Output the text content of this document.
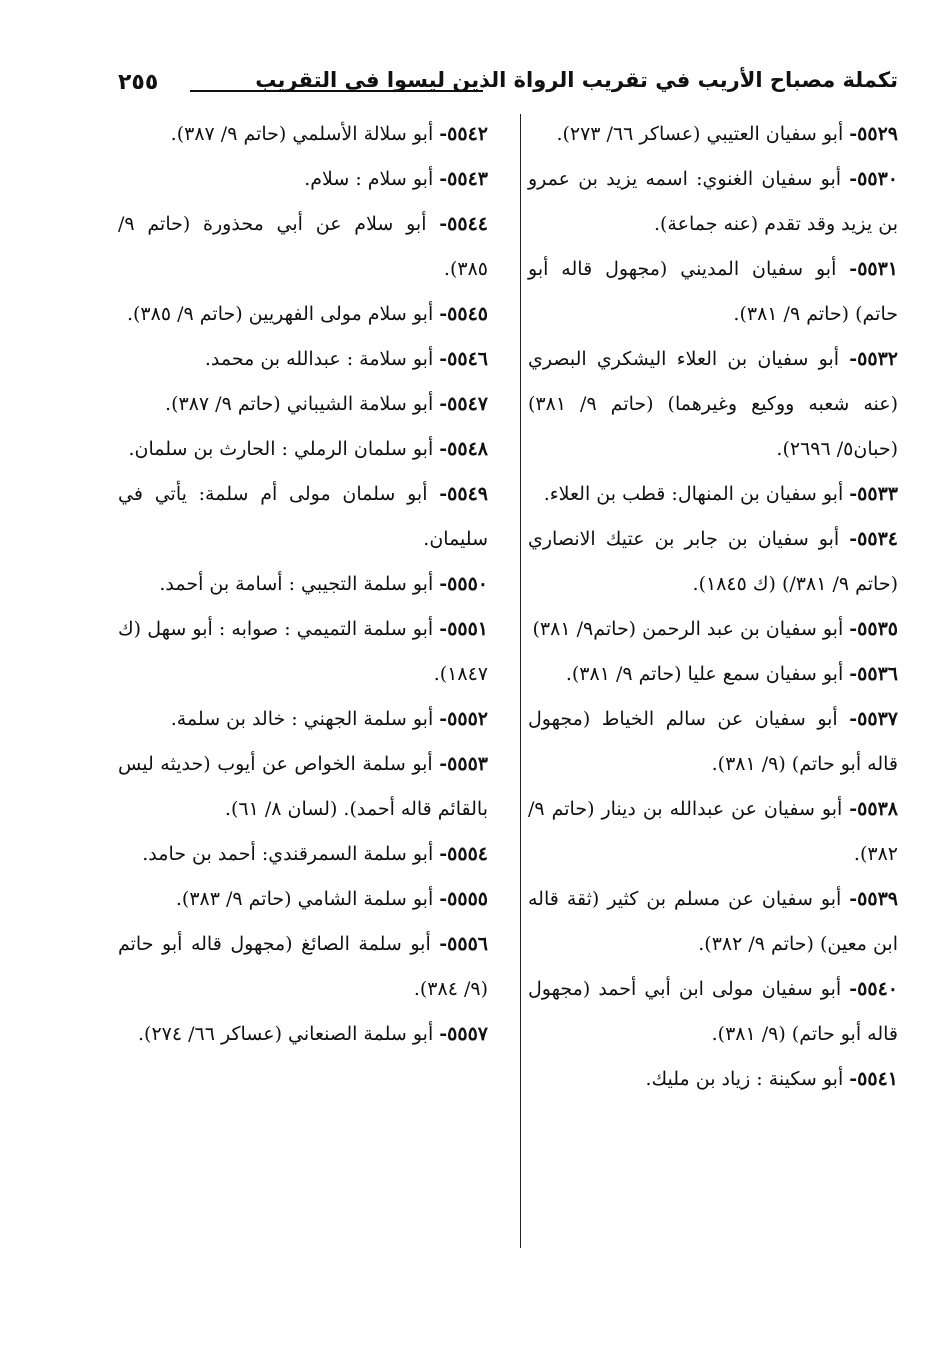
تكملة مصباح الأريب في تقريب الرواة الذين ليسوا في التقريب
٢٥٥
٥٥٢٩- أبو سفيان العتيبي (عساكر ٦٦/ ٢٧٣).
٥٥٣٠- أبو سفيان الغنوي: اسمه يزيد بن عمرو بن يزيد وقد تقدم (عنه جماعة).
٥٥٣١- أبو سفيان المديني (مجهول قاله أبو حاتم) (حاتم ٩/ ٣٨١).
٥٥٣٢- أبو سفيان بن العلاء اليشكري البصري (عنه شعبه ووكيع وغيرهما) (حاتم ٩/ ٣٨١) (حبان٥/ ٢٦٩٦).
٥٥٣٣- أبو سفيان بن المنهال: قطب بن العلاء.
٥٥٣٤- أبو سفيان بن جابر بن عتيك الانصاري (حاتم ٩/ ٣٨١/) (ك ١٨٤٥).
٥٥٣٥- أبو سفيان بن عبد الرحمن (حاتم٩/ ٣٨١)
٥٥٣٦- أبو سفيان سمع عليا (حاتم ٩/ ٣٨١).
٥٥٣٧- أبو سفيان عن سالم الخياط (مجهول قاله أبو حاتم) (٩/ ٣٨١).
٥٥٣٨- أبو سفيان عن عبدالله بن دينار (حاتم ٩/ ٣٨٢).
٥٥٣٩- أبو سفيان عن مسلم بن كثير (ثقة قاله ابن معين) (حاتم ٩/ ٣٨٢).
٥٥٤٠- أبو سفيان مولى ابن أبي أحمد (مجهول قاله أبو حاتم) (٩/ ٣٨١).
٥٥٤١- أبو سكينة : زياد بن مليك.
٥٥٤٢- أبو سلالة الأسلمي (حاتم ٩/ ٣٨٧).
٥٥٤٣- أبو سلام : سلام.
٥٥٤٤- أبو سلام عن أبي محذورة (حاتم ٩/ ٣٨٥).
٥٥٤٥- أبو سلام مولى الفهريين (حاتم ٩/ ٣٨٥).
٥٥٤٦- أبو سلامة : عبدالله بن محمد.
٥٥٤٧- أبو سلامة الشيباني (حاتم ٩/ ٣٨٧).
٥٥٤٨- أبو سلمان الرملي : الحارث بن سلمان.
٥٥٤٩- أبو سلمان مولى أم سلمة: يأتي في سليمان.
٥٥٥٠- أبو سلمة التجيبي : أسامة بن أحمد.
٥٥٥١- أبو سلمة التميمي : صوابه : أبو سهل (ك ١٨٤٧).
٥٥٥٢- أبو سلمة الجهني : خالد بن سلمة.
٥٥٥٣- أبو سلمة الخواص عن أيوب (حديثه ليس بالقائم قاله أحمد). (لسان ٨/ ٦١).
٥٥٥٤- أبو سلمة السمرقندي: أحمد بن حامد.
٥٥٥٥- أبو سلمة الشامي (حاتم ٩/ ٣٨٣).
٥٥٥٦- أبو سلمة الصائغ (مجهول قاله أبو حاتم (٩/ ٣٨٤).
٥٥٥٧- أبو سلمة الصنعاني (عساكر ٦٦/ ٢٧٤).
